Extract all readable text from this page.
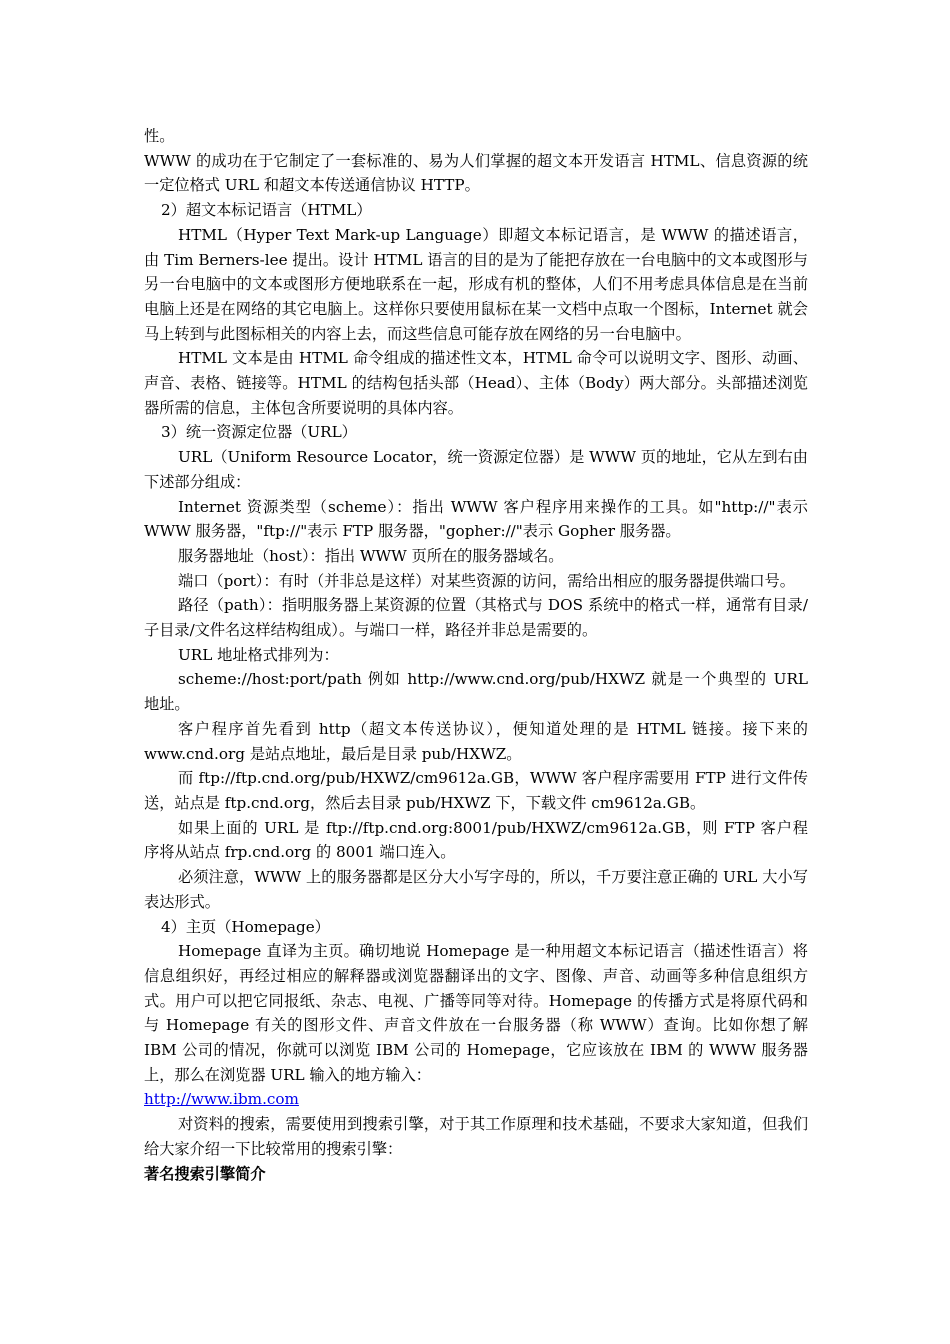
性。

WWW 的成功在于它制定了一套标准的、易为人们掌握的超文本开发语言 HTML、信息资源的统一定位格式 URL 和超文本传送通信协议 HTTP。

2）超文本标记语言（HTML）

HTML（Hyper Text Mark-up Language）即超文本标记语言，是 WWW 的描述语言，由 Tim Berners-lee 提出。设计 HTML 语言的目的是为了能把存放在一台电脑中的文本或图形与另一台电脑中的文本或图形方便地联系在一起，形成有机的整体，人们不用考虑具体信息是在当前电脑上还是在网络的其它电脑上。这样你只要使用鼠标在某一文档中点取一个图标，Internet 就会马上转到与此图标相关的内容上去，而这些信息可能存放在网络的另一台电脑中。

HTML 文本是由 HTML 命令组成的描述性文本，HTML 命令可以说明文字、图形、动画、声音、表格、链接等。HTML 的结构包括头部（Head）、主体（Body）两大部分。头部描述浏览器所需的信息，主体包含所要说明的具体内容。

3）统一资源定位器（URL）

URL（Uniform Resource Locator，统一资源定位器）是 WWW 页的地址，它从左到右由下述部分组成：

Internet 资源类型（scheme）：指出 WWW 客户程序用来操作的工具。如"http://"表示 WWW 服务器，"ftp://"表示 FTP 服务器，"gopher://"表示 Gopher 服务器。

服务器地址（host）：指出 WWW 页所在的服务器域名。

端口（port）：有时（并非总是这样）对某些资源的访问，需给出相应的服务器提供端口号。

路径（path）：指明服务器上某资源的位置（其格式与 DOS 系统中的格式一样，通常有目录/子目录/文件名这样结构组成）。与端口一样，路径并非总是需要的。

URL 地址格式排列为：

scheme://host:port/path 例如 http://www.cnd.org/pub/HXWZ 就是一个典型的 URL 地址。

客户程序首先看到 http（超文本传送协议），便知道处理的是 HTML 链接。接下来的 www.cnd.org 是站点地址，最后是目录 pub/HXWZ。

而 ftp://ftp.cnd.org/pub/HXWZ/cm9612a.GB，WWW 客户程序需要用 FTP 进行文件传送，站点是 ftp.cnd.org，然后去目录 pub/HXWZ 下，下载文件 cm9612a.GB。

如果上面的 URL 是 ftp://ftp.cnd.org:8001/pub/HXWZ/cm9612a.GB，则 FTP 客户程序将从站点 frp.cnd.org 的 8001 端口连入。

必须注意，WWW 上的服务器都是区分大小写字母的，所以，千万要注意正确的 URL 大小写表达形式。

4）主页（Homepage）

Homepage 直译为主页。确切地说 Homepage 是一种用超文本标记语言（描述性语言）将信息组织好，再经过相应的解释器或浏览器翻译出的文字、图像、声音、动画等多种信息组织方式。用户可以把它同报纸、杂志、电视、广播等同等对待。Homepage 的传播方式是将原代码和与 Homepage 有关的图形文件、声音文件放在一台服务器（称 WWW）查询。比如你想了解 IBM 公司的情况，你就可以浏览 IBM 公司的 Homepage，它应该放在 IBM 的 WWW 服务器上，那么在浏览器 URL 输入的地方输入：

http://www.ibm.com

对资料的搜索，需要使用到搜索引擎，对于其工作原理和技术基础，不要求大家知道，但我们给大家介绍一下比较常用的搜索引擎：

著名搜索引擎简介
